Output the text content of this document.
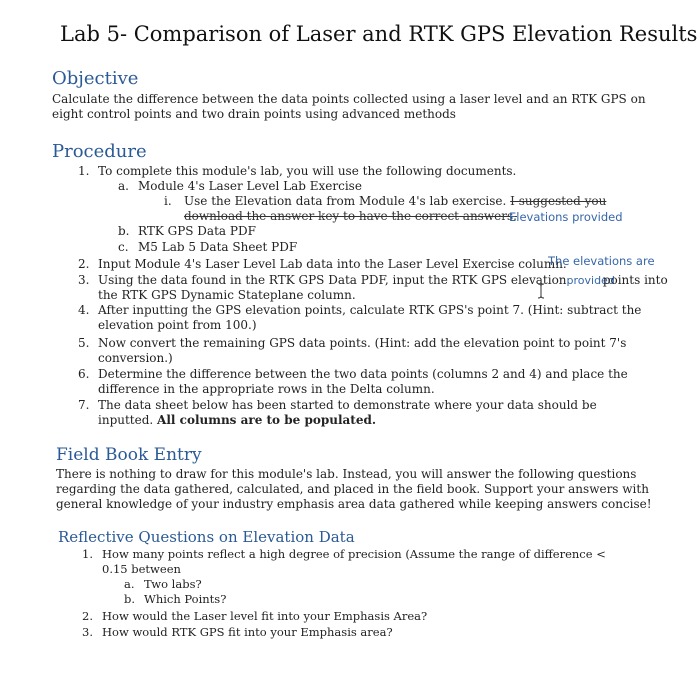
Lab 5- Comparison of Laser and RTK GPS Elevation Results
Objective
Calculate the difference between the data points collected using a laser level and an RTK GPS on
eight control points and two drain points using advanced methods
Procedure
1. To complete this module's lab, you will use the following documents.
a. Module 4's Laser Level Lab Exercise
i. Use the Elevation data from Module 4's lab exercise. I suggested you
download the answer key to have the correct answers.
Elevations provided
b. RTK GPS Data PDF
c. M5 Lab 5 Data Sheet PDF
2. Input Module 4's Laser Level Lab data into the Laser Level Exercise column.
The elevations are
3. Using the data found in the RTK GPS Data PDF, input the RTK GPS elevationprovidedpoints into
the RTK GPS Dynamic Stateplane column.
4. After inputting the GPS elevation points, calculate RTK GPS's point 7. (Hint: subtract the
elevation point from 100.)
5. Now convert the remaining GPS data points. (Hint: add the elevation point to point 7's
conversion.)
6. Determine the difference between the two data points (columns 2 and 4) and place the
difference in the appropriate rows in the Delta column.
7. The data sheet below has been started to demonstrate where your data should be
inputted. All columns are to be populated.
Field Book Entry
There is nothing to draw for this module's lab. Instead, you will answer the following questions
regarding the data gathered, calculated, and placed in the field book. Support your answers with
general knowledge of your industry emphasis area data gathered while keeping answers concise!
Reflective Questions on Elevation Data
1. How many points reflect a high degree of precision (Assume the range of difference <
0.15 between
a. Two labs?
b. Which Points?
2. How would the Laser level fit into your Emphasis Area?
3. How would RTK GPS fit into your Emphasis area?
